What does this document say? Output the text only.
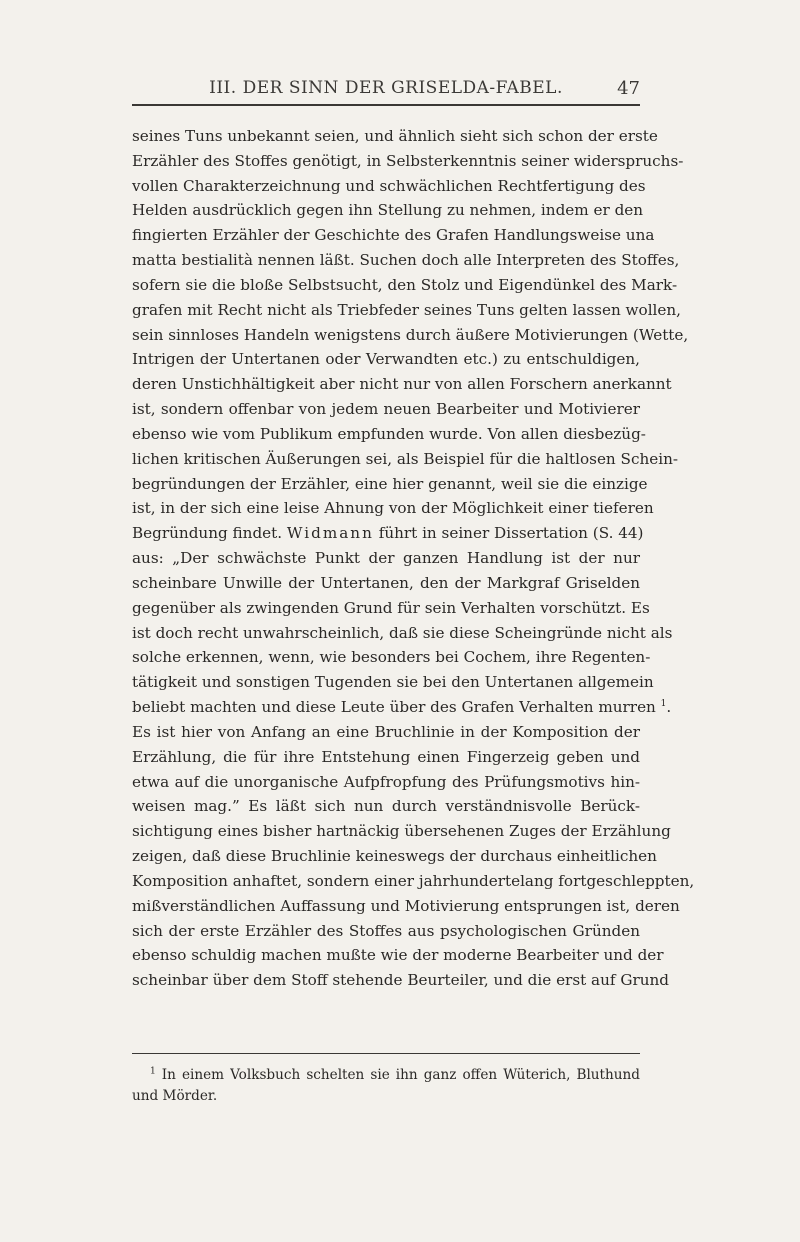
III. DER SINN DER GRISELDA-FABEL.	47
seines Tuns unbekannt seien, und ähnlich sieht sich schon der erste
Erzähler des Stoffes genötigt, in Selbsterkenntnis seiner widerspruchs-
vollen Charakterzeichnung und schwächlichen Rechtfertigung des
Helden ausdrücklich gegen ihn Stellung zu nehmen, indem er den
fingierten Erzähler der Geschichte des Grafen Handlungsweise una
matta bestialità nennen läßt. Suchen doch alle Interpreten des Stoffes,
sofern sie die bloße Selbstsucht, den Stolz und Eigendünkel des Mark-
grafen mit Recht nicht als Triebfeder seines Tuns gelten lassen wollen,
sein sinnloses Handeln wenigstens durch äußere Motivierungen (Wette,
Intrigen der Untertanen oder Verwandten etc.) zu entschuldigen,
deren Unstichhältigkeit aber nicht nur von allen Forschern anerkannt
ist, sondern offenbar von jedem neuen Bearbeiter und Motivierer
ebenso wie vom Publikum empfunden wurde. Von allen diesbezüg-
lichen kritischen Äußerungen sei, als Beispiel für die haltlosen Schein-
begründungen der Erzähler, eine hier genannt, weil sie die einzige
ist, in der sich eine leise Ahnung von der Möglichkeit einer tieferen
Begründung findet. Widmann führt in seiner Dissertation (S. 44)
aus: „Der schwächste Punkt der ganzen Handlung ist der nur
scheinbare Unwille der Untertanen, den der Markgraf Griselden
gegenüber als zwingenden Grund für sein Verhalten vorschützt. Es
ist doch recht unwahrscheinlich, daß sie diese Scheingründe nicht als
solche erkennen, wenn, wie besonders bei Cochem, ihre Regenten-
tätigkeit und sonstigen Tugenden sie bei den Untertanen allgemein
beliebt machten und diese Leute über des Grafen Verhalten murren $^1$.
Es ist hier von Anfang an eine Bruchlinie in der Komposition der
Erzählung, die für ihre Entstehung einen Fingerzeig geben und
etwa auf die unorganische Aufpfropfung des Prüfungsmotivs hin-
weisen mag.” Es läßt sich nun durch verständnisvolle Berück-
sichtigung eines bisher hartnäckig übersehenen Zuges der Erzählung
zeigen, daß diese Bruchlinie keineswegs der durchaus einheitlichen
Komposition anhaftet, sondern einer jahrhundertelang fortgeschleppten,
mißverständlichen Auffassung und Motivierung entsprungen ist, deren
sich der erste Erzähler des Stoffes aus psychologischen Gründen
ebenso schuldig machen mußte wie der moderne Bearbeiter und der
scheinbar über dem Stoff stehende Beurteiler, und die erst auf Grund
$^1$ In einem Volksbuch schelten sie ihn ganz offen Wüterich, Bluthund
und Mörder.
